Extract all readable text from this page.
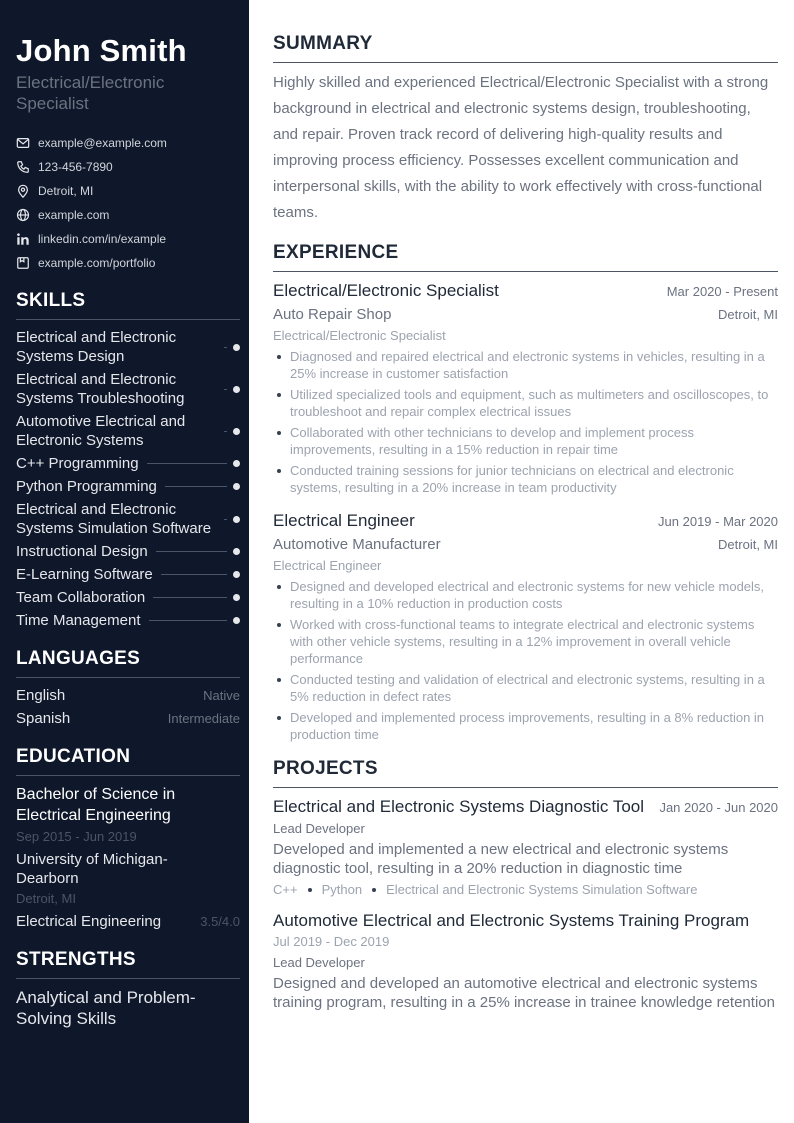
John Smith
Electrical/Electronic Specialist
example@example.com
123-456-7890
Detroit, MI
example.com
linkedin.com/in/example
example.com/portfolio
SKILLS
Electrical and Electronic Systems Design
Electrical and Electronic Systems Troubleshooting
Automotive Electrical and Electronic Systems
C++ Programming
Python Programming
Electrical and Electronic Systems Simulation Software
Instructional Design
E-Learning Software
Team Collaboration
Time Management
LANGUAGES
English	Native
Spanish	Intermediate
EDUCATION
Bachelor of Science in Electrical Engineering
Sep 2015 - Jun 2019
University of Michigan-Dearborn
Detroit, MI
Electrical Engineering	3.5/4.0
STRENGTHS
Analytical and Problem-Solving Skills
SUMMARY

Highly skilled and experienced Electrical/Electronic Specialist with a strong background in electrical and electronic systems design, troubleshooting, and repair. Proven track record of delivering high-quality results and improving process efficiency. Possesses excellent communication and interpersonal skills, with the ability to work effectively with cross-functional teams.

EXPERIENCE
Electrical/Electronic Specialist	Mar 2020 - Present
Auto Repair Shop	Detroit, MI
Electrical/Electronic Specialist
Diagnosed and repaired electrical and electronic systems in vehicles, resulting in a 25% increase in customer satisfaction
Utilized specialized tools and equipment, such as multimeters and oscilloscopes, to troubleshoot and repair complex electrical issues
Collaborated with other technicians to develop and implement process improvements, resulting in a 15% reduction in repair time
Conducted training sessions for junior technicians on electrical and electronic systems, resulting in a 20% increase in team productivity
Electrical Engineer	Jun 2019 - Mar 2020
Automotive Manufacturer	Detroit, MI
Electrical Engineer
Designed and developed electrical and electronic systems for new vehicle models, resulting in a 10% reduction in production costs
Worked with cross-functional teams to integrate electrical and electronic systems with other vehicle systems, resulting in a 12% improvement in overall vehicle performance
Conducted testing and validation of electrical and electronic systems, resulting in a 5% reduction in defect rates
Developed and implemented process improvements, resulting in a 8% reduction in production time
PROJECTS
Electrical and Electronic Systems Diagnostic Tool Jan 2020 - Jun 2020
Lead Developer
Developed and implemented a new electrical and electronic systems diagnostic tool, resulting in a 20% reduction in diagnostic time
C++ Python Electrical and Electronic Systems Simulation Software
Automotive Electrical and Electronic Systems Training Program
Jul 2019 - Dec 2019
Lead Developer
Designed and developed an automotive electrical and electronic systems training program, resulting in a 25% increase in trainee knowledge retention
